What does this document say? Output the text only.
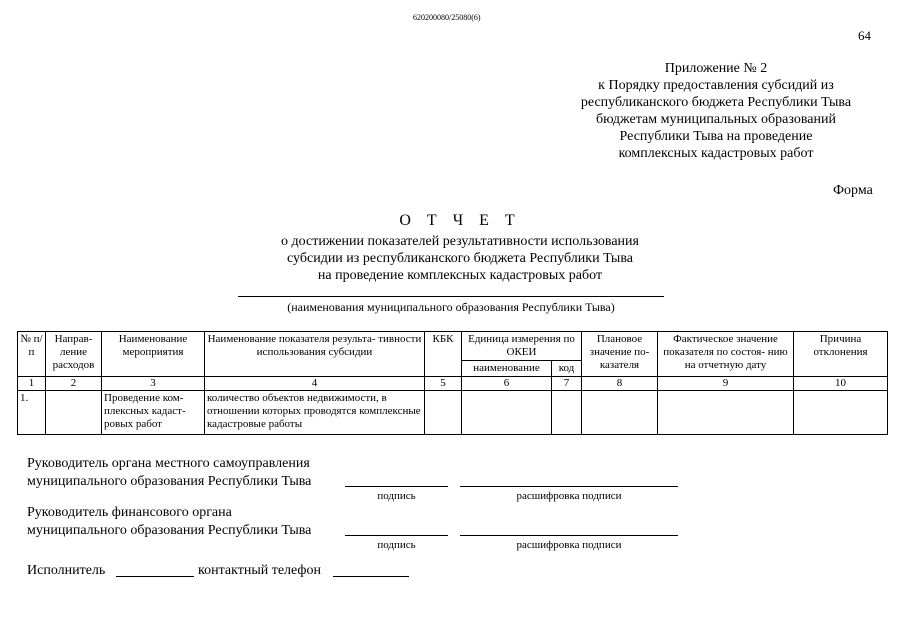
620200080/25080(6)
64
Приложение № 2
к Порядку предоставления субсидий из
республиканского бюджета Республики Тыва
бюджетам муниципальных образований
Республики Тыва на проведение
комплексных кадастровых работ
Форма
О Т Ч Е Т
о достижении показателей результативности использования
субсидии из республиканского бюджета Республики Тыва
на проведение комплексных кадастровых работ
(наименования муниципального образования Республики Тыва)
№ п/п	Направ- ление расходов	Наименование мероприятия	Наименование показателя результа- тивности использования субсидии	КБК	Единица измерения по ОКЕИ		Плановое значение по- казателя	Фактическое значение показателя по состоя- нию на отчетную дату	Причина отклонения
					наименование	код			
1	2	3	4	5	6	7	8	9	10
1.		Проведение ком- плексных кадаст- ровых работ	количество объектов недвижимости, в отношении которых проводятся комплексные кадастровые работы						
Руководитель органа местного самоуправления
муниципального образования Республики Тыва
подпись	расшифровка подписи
Руководитель финансового органа
муниципального образования Республики Тыва
подпись	расшифровка подписи
Исполнитель	контактный телефон
